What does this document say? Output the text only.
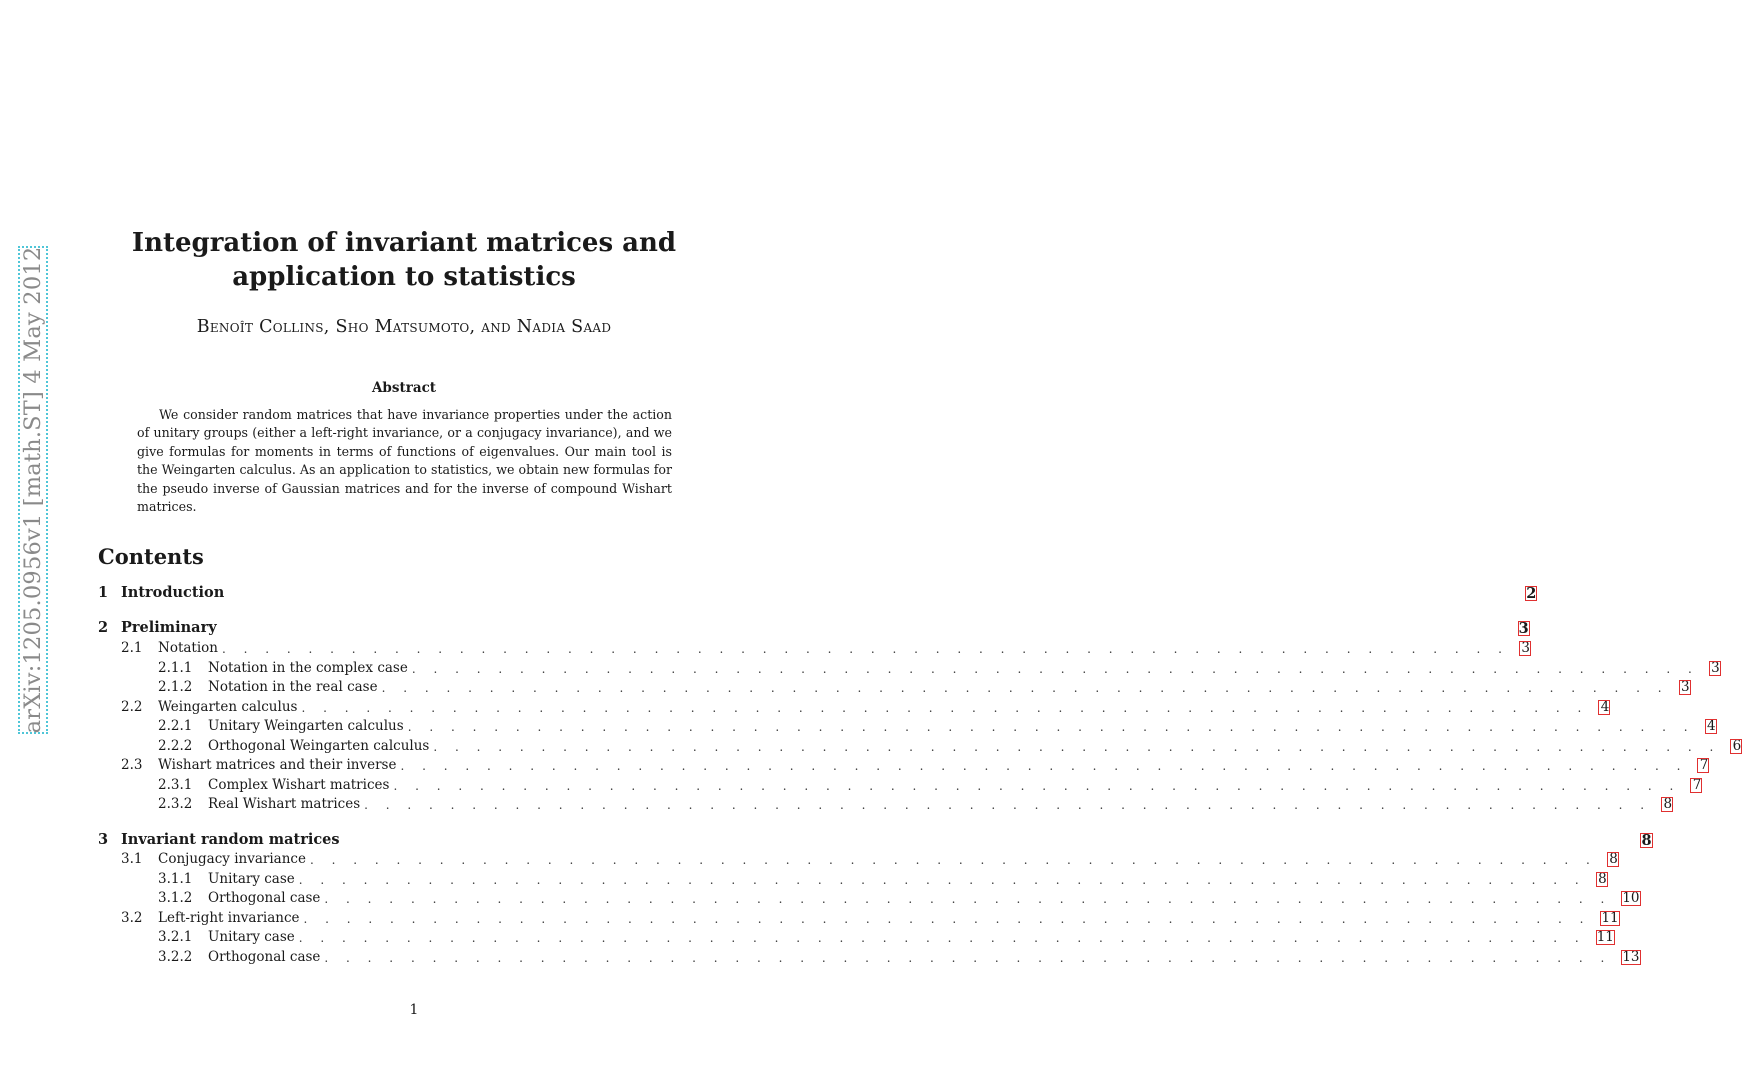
arXiv:1205.0956v1 [math.ST] 4 May 2012
Integration of invariant matrices and
application to statistics
Benoît Collins, Sho Matsumoto, and Nadia Saad
Abstract
We consider random matrices that have invariance properties under the action of unitary groups (either a left-right invariance, or a conjugacy invariance), and we give formulas for moments in terms of functions of eigenvalues. Our main tool is the Weingarten calculus. As an application to statistics, we obtain new formulas for the pseudo inverse of Gaussian matrices and for the inverse of compound Wishart matrices.
Contents
1 Introduction	2
2 Preliminary	3
2.1	Notation . . . . . . . . . . . . . . . . . . . . . . . . . . . . . . . . . . . . . . . . . . . . . . . . . . . . . . . . . . . . 3
2.1.1	Notation in the complex case . . . . . . . . . . . . . . . . . . . . . . . . . . . . . . . . . . . . . . . . . . . . . . . . . . . . . . . . . . . . 3
2.1.2	Notation in the real case . . . . . . . . . . . . . . . . . . . . . . . . . . . . . . . . . . . . . . . . . . . . . . . . . . . . . . . . . . . . 3
2.2	Weingarten calculus . . . . . . . . . . . . . . . . . . . . . . . . . . . . . . . . . . . . . . . . . . . . . . . . . . . . . . . . . . . . 4
2.2.1	Unitary Weingarten calculus . . . . . . . . . . . . . . . . . . . . . . . . . . . . . . . . . . . . . . . . . . . . . . . . . . . . . . . . . . . . 4
2.2.2	Orthogonal Weingarten calculus . . . . . . . . . . . . . . . . . . . . . . . . . . . . . . . . . . . . . . . . . . . . . . . . . . . . . . . . . . . . 6
2.3	Wishart matrices and their inverse . . . . . . . . . . . . . . . . . . . . . . . . . . . . . . . . . . . . . . . . . . . . . . . . . . . . . . . . . . . . 7
2.3.1	Complex Wishart matrices . . . . . . . . . . . . . . . . . . . . . . . . . . . . . . . . . . . . . . . . . . . . . . . . . . . . . . . . . . . . 7
2.3.2	Real Wishart matrices . . . . . . . . . . . . . . . . . . . . . . . . . . . . . . . . . . . . . . . . . . . . . . . . . . . . . . . . . . . . 8
3 Invariant random matrices	8
3.1	Conjugacy invariance . . . . . . . . . . . . . . . . . . . . . . . . . . . . . . . . . . . . . . . . . . . . . . . . . . . . . . . . . . . . 8
3.1.1	Unitary case . . . . . . . . . . . . . . . . . . . . . . . . . . . . . . . . . . . . . . . . . . . . . . . . . . . . . . . . . . . . 8
3.1.2	Orthogonal case . . . . . . . . . . . . . . . . . . . . . . . . . . . . . . . . . . . . . . . . . . . . . . . . . . . . . . . . . . . . 10
3.2	Left-right invariance . . . . . . . . . . . . . . . . . . . . . . . . . . . . . . . . . . . . . . . . . . . . . . . . . . . . . . . . . . . . 11
3.2.1	Unitary case . . . . . . . . . . . . . . . . . . . . . . . . . . . . . . . . . . . . . . . . . . . . . . . . . . . . . . . . . . . . 11
3.2.2	Orthogonal case . . . . . . . . . . . . . . . . . . . . . . . . . . . . . . . . . . . . . . . . . . . . . . . . . . . . . . . . . . . . 13
1
